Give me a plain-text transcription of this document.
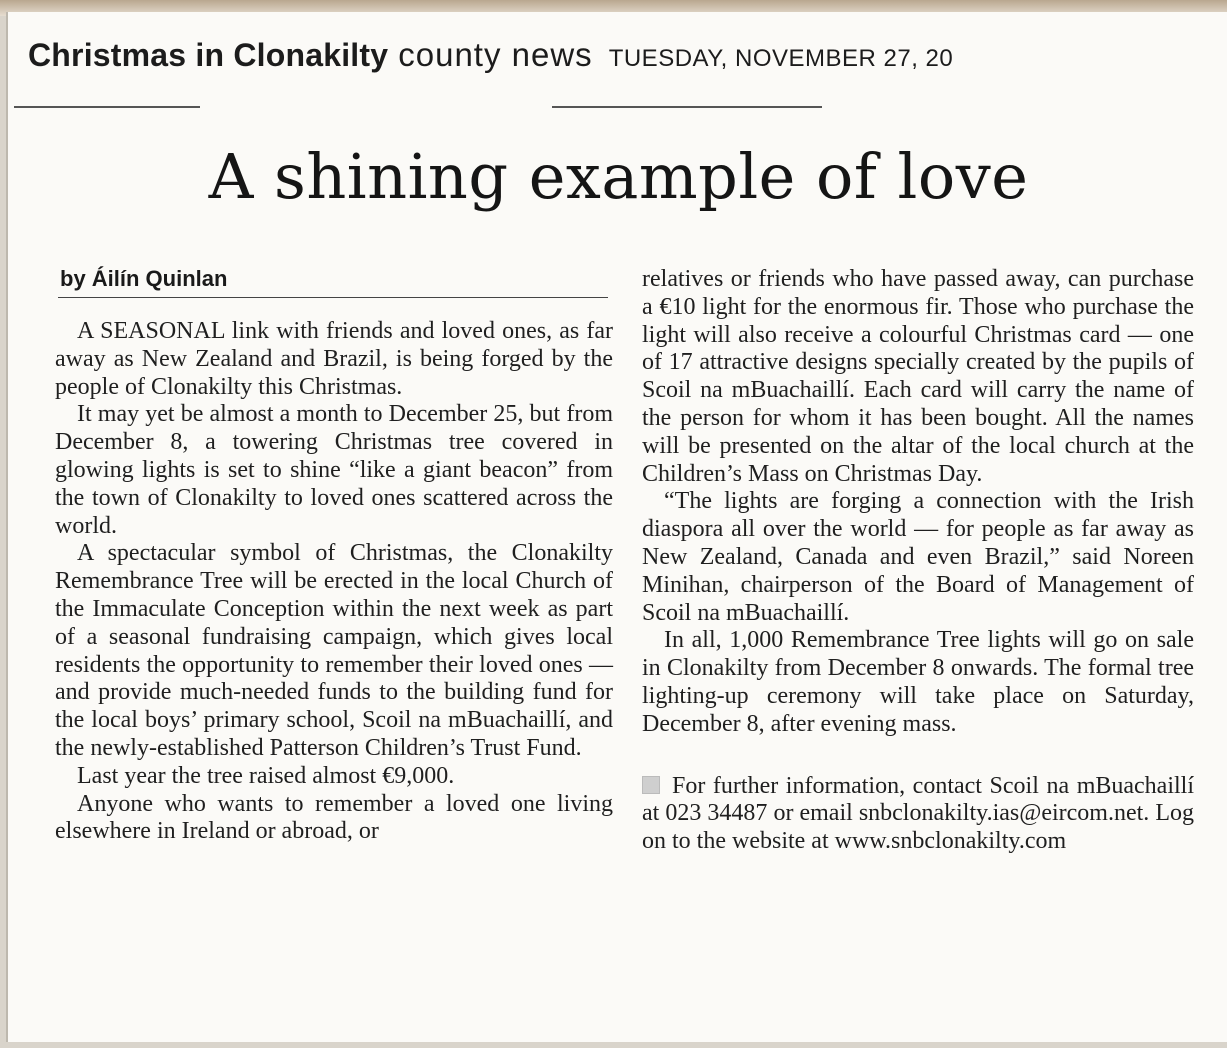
Christmas in Clonakilty county news TUESDAY, NOVEMBER 27, 20
A shining example of love
by Áilín Quinlan

A SEASONAL link with friends and loved ones, as far away as New Zealand and Brazil, is being forged by the people of Clonakilty this Christmas.

It may yet be almost a month to December 25, but from December 8, a towering Christmas tree covered in glowing lights is set to shine “like a giant beacon” from the town of Clonakilty to loved ones scattered across the world.

A spectacular symbol of Christmas, the Clonakilty Remembrance Tree will be erected in the local Church of the Immaculate Conception within the next week as part of a seasonal fundraising campaign, which gives local residents the opportunity to remember their loved ones — and provide much-needed funds to the building fund for the local boys’ primary school, Scoil na mBuachaillí, and the newly-established Patterson Children’s Trust Fund.

Last year the tree raised almost €9,000.

Anyone who wants to remember a loved one living elsewhere in Ireland or abroad, or

relatives or friends who have passed away, can purchase a €10 light for the enormous fir. Those who purchase the light will also receive a colourful Christmas card — one of 17 attractive designs specially created by the pupils of Scoil na mBuachaillí. Each card will carry the name of the person for whom it has been bought. All the names will be presented on the altar of the local church at the Children’s Mass on Christmas Day.

“The lights are forging a connection with the Irish diaspora all over the world — for people as far away as New Zealand, Canada and even Brazil,” said Noreen Minihan, chairperson of the Board of Management of Scoil na mBuachaillí.

In all, 1,000 Remembrance Tree lights will go on sale in Clonakilty from December 8 onwards. The formal tree lighting-up ceremony will take place on Saturday, December 8, after evening mass.

For further information, contact Scoil na mBuachaillí at 023 34487 or email snbclonakilty.ias@eircom.net. Log on to the website at www.snbclonakilty.com
